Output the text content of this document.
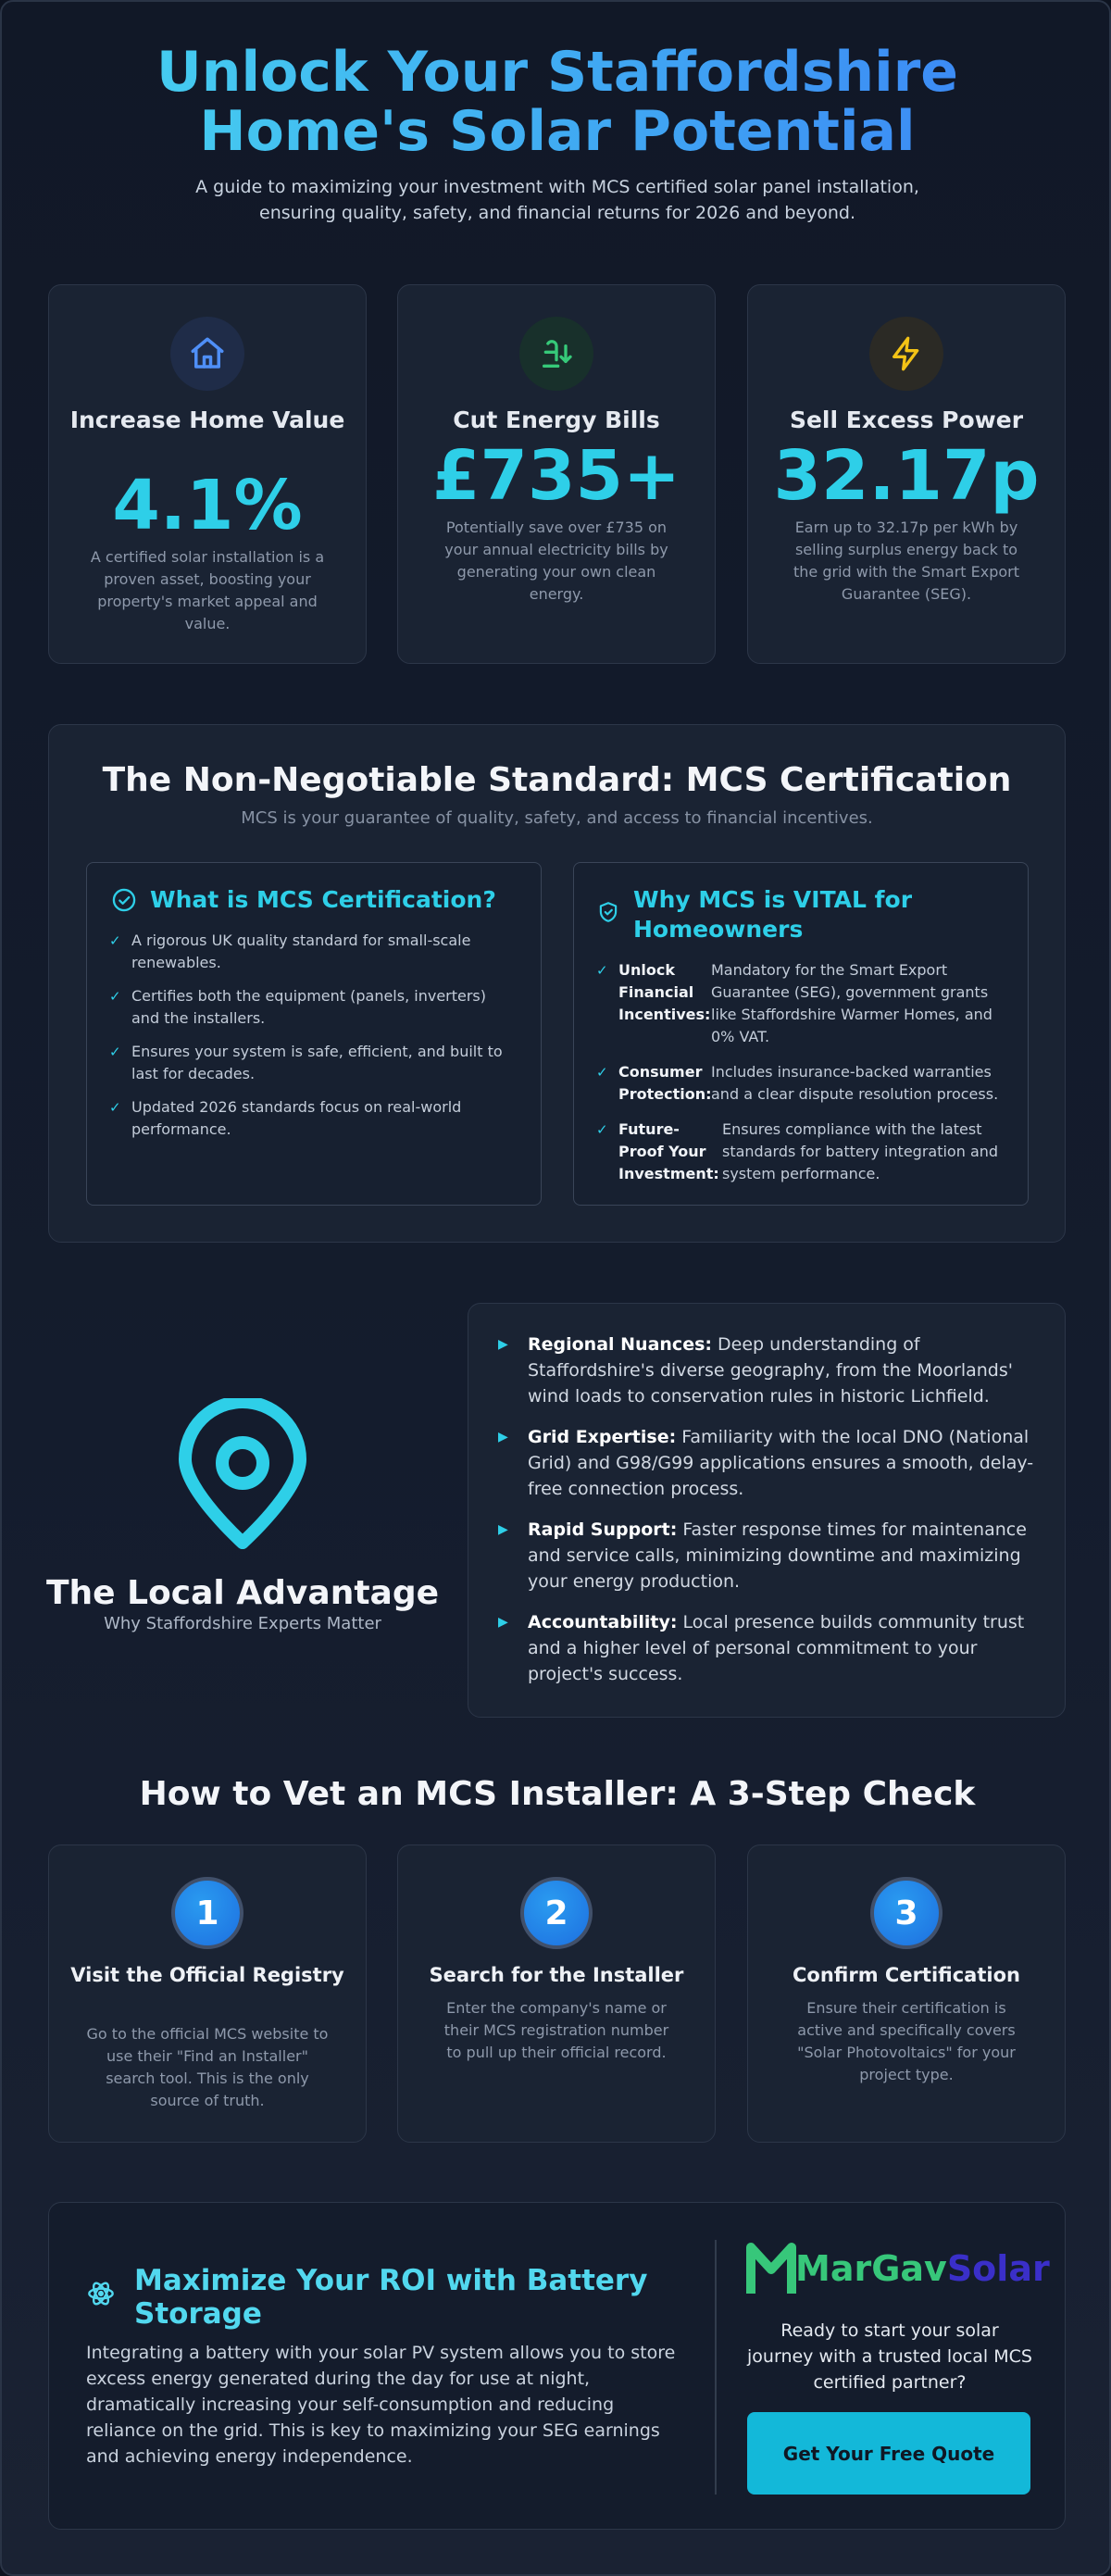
Unlock Your Staffordshire Home's Solar Potential
A guide to maximizing your investment with MCS certified solar panel installation, ensuring quality, safety, and financial returns for 2026 and beyond.
Increase Home Value
4.1%
A certified solar installation is a proven asset, boosting your property's market appeal and value.
Cut Energy Bills
£735+
Potentially save over £735 on your annual electricity bills by generating your own clean energy.
Sell Excess Power
32.17p
Earn up to 32.17p per kWh by selling surplus energy back to the grid with the Smart Export Guarantee (SEG).
The Non-Negotiable Standard: MCS Certification
MCS is your guarantee of quality, safety, and access to financial incentives.
What is MCS Certification?
✓ A rigorous UK quality standard for small-scale renewables.
✓ Certifies both the equipment (panels, inverters) and the installers.
✓ Ensures your system is safe, efficient, and built to last for decades.
✓ Updated 2026 standards focus on real-world performance.
Why MCS is VITAL for Homeowners
✓ Unlock Financial Incentives:
Mandatory for the Smart Export Guarantee (SEG), government grants like Staffordshire Warmer Homes, and 0% VAT.
✓ Consumer Protection:
Includes insurance-backed warranties and a clear dispute resolution process.
✓ Future-Proof Your Investment:
Ensures compliance with the latest standards for battery integration and system performance.
The Local Advantage
Why Staffordshire Experts Matter
▶ Regional Nuances: Deep understanding of Staffordshire's diverse geography, from the Moorlands' wind loads to conservation rules in historic Lichfield.
▶ Grid Expertise: Familiarity with the local DNO (National Grid) and G98/G99 applications ensures a smooth, delay-free connection process.
▶ Rapid Support: Faster response times for maintenance and service calls, minimizing downtime and maximizing your energy production.
▶ Accountability: Local presence builds community trust and a higher level of personal commitment to your project's success.
How to Vet an MCS Installer: A 3-Step Check
1
Visit the Official Registry
Go to the official MCS website to use their "Find an Installer" search tool. This is the only source of truth.
2
Search for the Installer
Enter the company's name or their MCS registration number to pull up their official record.
3
Confirm Certification
Ensure their certification is active and specifically covers "Solar Photovoltaics" for your project type.
Maximize Your ROI with Battery Storage
Integrating a battery with your solar PV system allows you to store excess energy generated during the day for use at night, dramatically increasing your self-consumption and reducing reliance on the grid. This is key to maximizing your SEG earnings and achieving energy independence.
MarGavSolar
Ready to start your solar journey with a trusted local MCS certified partner?
Get Your Free Quote
